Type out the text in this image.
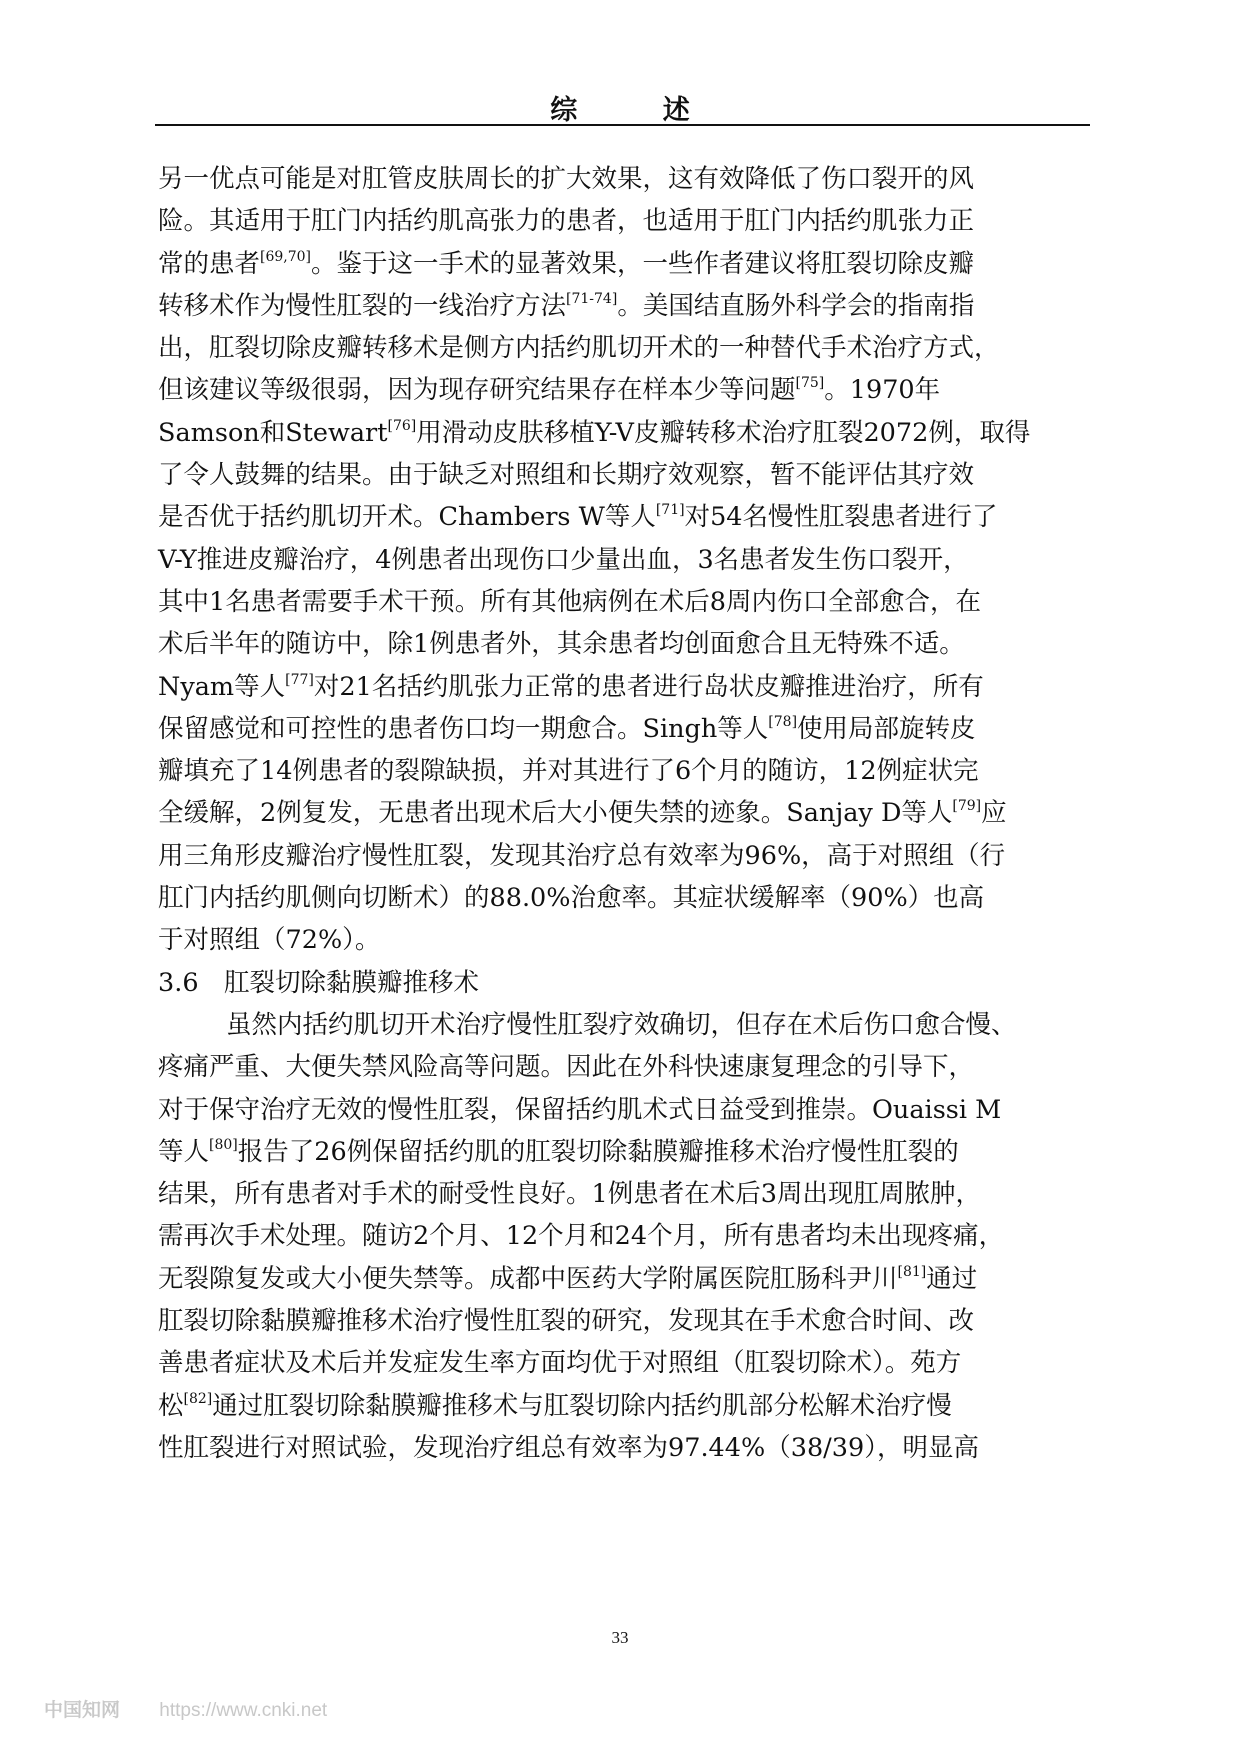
综 述
另一优点可能是对肛管皮肤周长的扩大效果，这有效降低了伤口裂开的风
险。其适用于肛门内括约肌高张力的患者，也适用于肛门内括约肌张力正
常的患者[69,70]。鉴于这一手术的显著效果，一些作者建议将肛裂切除皮瓣
转移术作为慢性肛裂的一线治疗方法[71-74]。美国结直肠外科学会的指南指
出，肛裂切除皮瓣转移术是侧方内括约肌切开术的一种替代手术治疗方式，
但该建议等级很弱，因为现存研究结果存在样本少等问题[75]。1970年
Samson和Stewart[76]用滑动皮肤移植Y-V皮瓣转移术治疗肛裂2072例，取得
了令人鼓舞的结果。由于缺乏对照组和长期疗效观察，暂不能评估其疗效
是否优于括约肌切开术。Chambers W等人[71]对54名慢性肛裂患者进行了
V-Y推进皮瓣治疗，4例患者出现伤口少量出血，3名患者发生伤口裂开，
其中1名患者需要手术干预。所有其他病例在术后8周内伤口全部愈合，在
术后半年的随访中，除1例患者外，其余患者均创面愈合且无特殊不适。
Nyam等人[77]对21名括约肌张力正常的患者进行岛状皮瓣推进治疗，所有
保留感觉和可控性的患者伤口均一期愈合。Singh等人[78]使用局部旋转皮
瓣填充了14例患者的裂隙缺损，并对其进行了6个月的随访，12例症状完
全缓解，2例复发，无患者出现术后大小便失禁的迹象。Sanjay D等人[79]应
用三角形皮瓣治疗慢性肛裂，发现其治疗总有效率为96%，高于对照组（行
肛门内括约肌侧向切断术）的88.0%治愈率。其症状缓解率（90%）也高
于对照组（72%）。
3.6 肛裂切除黏膜瓣推移术
虽然内括约肌切开术治疗慢性肛裂疗效确切，但存在术后伤口愈合慢、
疼痛严重、大便失禁风险高等问题。因此在外科快速康复理念的引导下，
对于保守治疗无效的慢性肛裂，保留括约肌术式日益受到推崇。Ouaissi M
等人[80]报告了26例保留括约肌的肛裂切除黏膜瓣推移术治疗慢性肛裂的
结果，所有患者对手术的耐受性良好。1例患者在术后3周出现肛周脓肿，
需再次手术处理。随访2个月、12个月和24个月，所有患者均未出现疼痛，
无裂隙复发或大小便失禁等。成都中医药大学附属医院肛肠科尹川[81]通过
肛裂切除黏膜瓣推移术治疗慢性肛裂的研究，发现其在手术愈合时间、改
善患者症状及术后并发症发生率方面均优于对照组（肛裂切除术）。苑方
松[82]通过肛裂切除黏膜瓣推移术与肛裂切除内括约肌部分松解术治疗慢
性肛裂进行对照试验，发现治疗组总有效率为97.44%（38/39），明显高
33
中国知网 https://www.cnki.net
